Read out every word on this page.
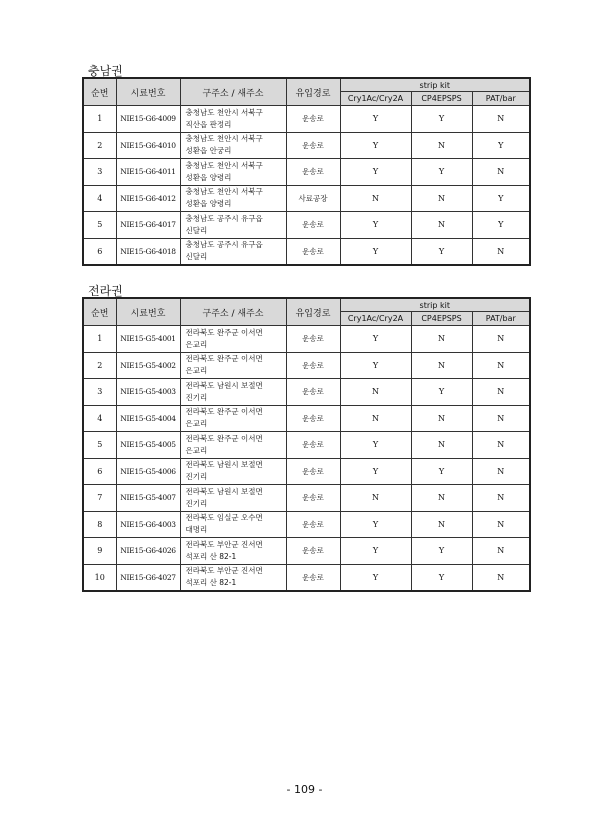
충남권
순번	시료번호	구주소 / 새주소	유입경로	strip kit		
				Cry1Ac/Cry2A	CP4EPSPS	PAT/bar
1	NIE15-G6-4009	충청남도 천안시 서북구
직산읍 판정리	운송로	Y	Y	N
2	NIE15-G6-4010	충청남도 천안시 서북구
성환읍 안궁리	운송로	Y	N	Y
3	NIE15-G6-4011	충청남도 천안시 서북구
성환읍 양령리	운송로	Y	Y	N
4	NIE15-G6-4012	충청남도 천안시 서북구
성환읍 양령리	사료공장	N	N	Y
5	NIE15-G6-4017	충청남도 공주시 유구읍
신달리	운송로	Y	N	Y
6	NIE15-G6-4018	충청남도 공주시 유구읍
신달리	운송로	Y	Y	N
전라권
순번	시료번호	구주소 / 새주소	유입경로	strip kit		
				Cry1Ac/Cry2A	CP4EPSPS	PAT/bar
1	NIE15-G5-4001	전라북도 완주군 이서면
은교리	운송로	Y	N	N
2	NIE15-G5-4002	전라북도 완주군 이서면
은교리	운송로	Y	N	N
3	NIE15-G5-4003	전라북도 남원시 보절면
진기리	운송로	N	Y	N
4	NIE15-G5-4004	전라북도 완주군 이서면
은교리	운송로	N	N	N
5	NIE15-G5-4005	전라북도 완주군 이서면
은교리	운송로	Y	N	N
6	NIE15-G5-4006	전라북도 남원시 보절면
진기리	운송로	Y	Y	N
7	NIE15-G5-4007	전라북도 남원시 보절면
진기리	운송로	N	N	N
8	NIE15-G6-4003	전라북도 임실군 오수면
대명리	운송로	Y	N	N
9	NIE15-G6-4026	전라북도 부안군 진서면
석포리 산 82-1	운송로	Y	Y	N
10	NIE15-G6-4027	전라북도 부안군 진서면
석포리 산 82-1	운송로	Y	Y	N
- 109 -
